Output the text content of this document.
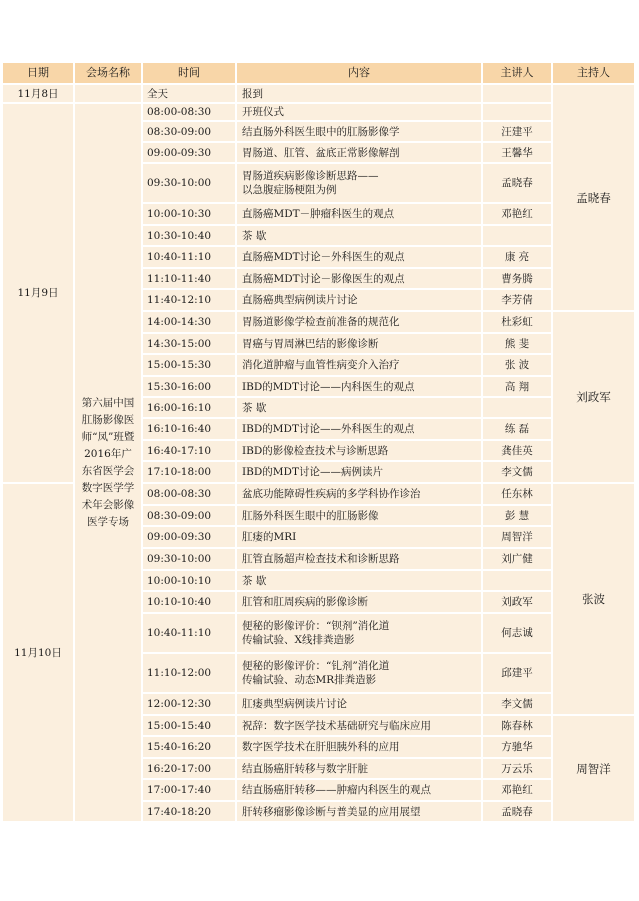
日期	会场名称	时间	内容	主讲人	主持人
11月8日		全天	报到		孟晓春
11月9日	第六届中国肛肠影像医师“凤”班暨2016年广东省医学会数字医学学术年会影像医学专场	08:00-08:30	开班仪式		
		08:30-09:00	结直肠外科医生眼中的肛肠影像学	汪建平	
		09:00-09:30	胃肠道、肛管、盆底正常影像解剖	王馨华	
		09:30-10:00	胃肠道疾病影像诊断思路——
以急腹症肠梗阻为例	孟晓春	
		10:00-10:30	直肠癌MDT－肿瘤科医生的观点	邓艳红	
		10:30-10:40	茶 歇		
		10:40-11:10	直肠癌MDT讨论－外科医生的观点	康 亮	
		11:10-11:40	直肠癌MDT讨论－影像医生的观点	曹务腾	
		11:40-12:10	直肠癌典型病例读片讨论	李芳倩	
		14:00-14:30	胃肠道影像学检查前准备的规范化	杜彩虹	刘政军
		14:30-15:00	胃癌与胃周淋巴结的影像诊断	熊 斐	
		15:00-15:30	消化道肿瘤与血管性病变介入治疗	张 波	
		15:30-16:00	IBD的MDT讨论——内科医生的观点	高 翔	
		16:00-16:10	茶 歇		
		16:10-16:40	IBD的MDT讨论——外科医生的观点	练 磊	
		16:40-17:10	IBD的影像检查技术与诊断思路	龚佳英	
		17:10-18:00	IBD的MDT讨论——病例读片	李文儒	
11月10日		08:00-08:30	盆底功能障碍性疾病的多学科协作诊治	任东林	张波
		08:30-09:00	肛肠外科医生眼中的肛肠影像	彭 慧	
		09:00-09:30	肛瘘的MRI	周智洋	
		09:30-10:00	肛管直肠超声检查技术和诊断思路	刘广健	
		10:00-10:10	茶 歇		
		10:10-10:40	肛管和肛周疾病的影像诊断	刘政军	
		10:40-11:10	便秘的影像评价：“钡剂”消化道
传输试验、X线排粪造影	何志诚	
		11:10-12:00	便秘的影像评价：“钆剂”消化道
传输试验、动态MR排粪造影	邱建平	
		12:00-12:30	肛瘘典型病例读片讨论	李文儒	
		15:00-15:40	祝辞：数字医学技术基础研究与临床应用	陈春林	周智洋
		15:40-16:20	数字医学技术在肝胆胰外科的应用	方驰华	
		16:20-17:00	结直肠癌肝转移与数字肝脏	万云乐	
		17:00-17:40	结直肠癌肝转移——肿瘤内科医生的观点	邓艳红	
		17:40-18:20	肝转移瘤影像诊断与普美显的应用展望	孟晓春	
